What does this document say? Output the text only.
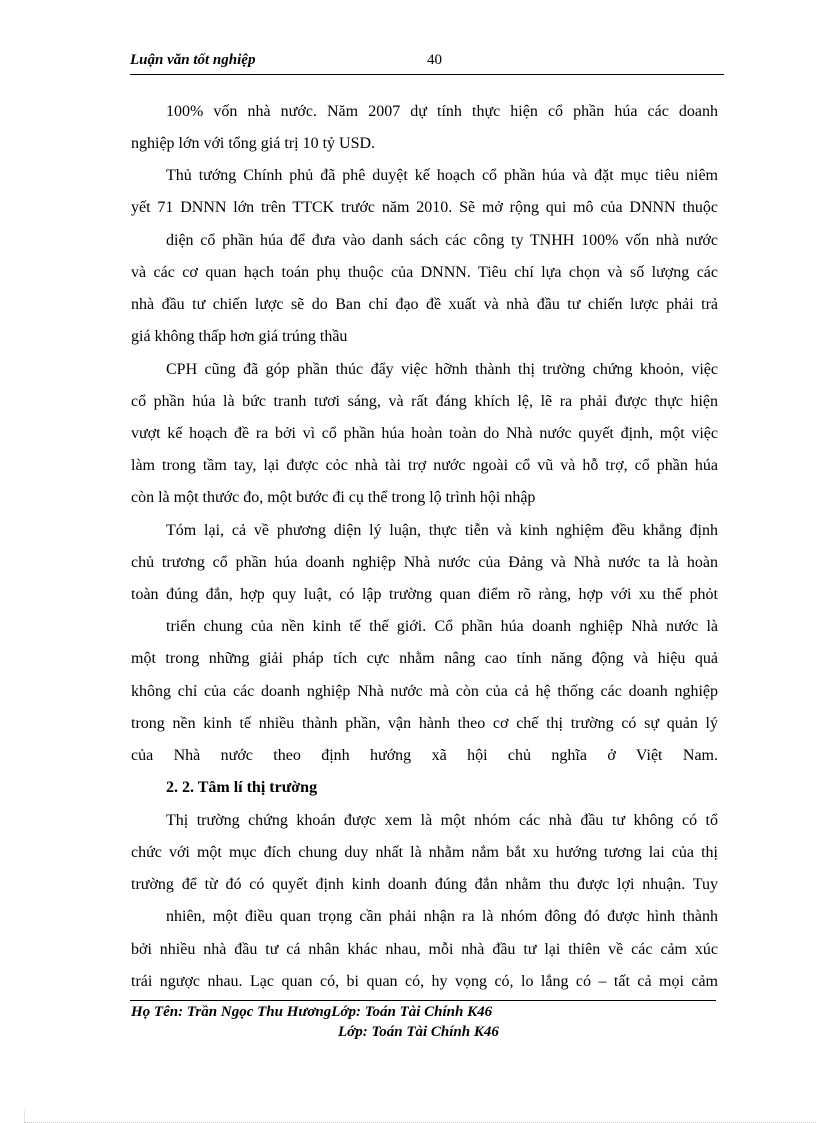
Luận văn tốt nghiệp	40
100% vốn nhà nước. Năm 2007 dự tính thực hiện cổ phần húa các doanh
nghiệp lớn với tổng giá trị 10 tỷ USD.
Thủ tướng Chính phủ đã phê duyệt kế hoạch cổ phần húa và đặt mục tiêu niêm
yết 71 DNNN lớn trên TTCK trước năm 2010. Sẽ mở rộng qui mô của DNNN thuộc
diện cổ phần húa để đưa vào danh sách các công ty TNHH 100% vốn nhà nước
và các cơ quan hạch toán phụ thuộc của DNNN. Tiêu chí lựa chọn và số lượng các
nhà đầu tư chiến lược sẽ do Ban chỉ đạo đề xuất và nhà đầu tư chiến lược phải trả
giá không thấp hơn giá trúng thầu
CPH cũng đã góp phần thúc đẩy việc hỡnh thành thị trường chứng khoỏn, việc
cổ phần húa là bức tranh tươi sáng, và rất đáng khích lệ, lẽ ra phải được thực hiện
vượt kế hoạch đề ra bởi vì cổ phần húa hoàn toàn do Nhà nước quyết định, một việc
làm trong tầm tay, lại được cỏc nhà tài trợ nước ngoài cổ vũ và hỗ trợ, cổ phần húa
còn là một thước đo, một bước đi cụ thể trong lộ trình hội nhập
Tóm lại, cả về phương diện lý luận, thực tiễn và kinh nghiệm đều khẳng định
chủ trương cổ phần húa doanh nghiệp Nhà nước của Đảng và Nhà nước ta là hoàn
toàn đúng đắn, hợp quy luật, có lập trường quan điểm rõ ràng, hợp với xu thế phỏt
triển chung của nền kinh tế thế giới. Cổ phần húa doanh nghiệp Nhà nước là
một trong những giải pháp tích cực nhằm nâng cao tính năng động và hiệu quả
không chỉ của các doanh nghiệp Nhà nước mà còn của cả hệ thống các doanh nghiệp
trong nền kinh tế nhiều thành phần, vận hành theo cơ chế thị trường có sự quản lý
của Nhà nước theo định hướng xã hội chủ nghĩa ở Việt Nam.
2. 2. Tâm lí thị trường
Thị trường chứng khoán được xem là một nhóm các nhà đầu tư không có tổ
chức với một mục đích chung duy nhất là nhằm nắm bắt xu hướng tương lai của thị
trường để từ đó có quyết định kinh doanh đúng đắn nhằm thu được lợi nhuận. Tuy
nhiên, một điều quan trọng cần phải nhận ra là nhóm đông đó được hình thành
bởi nhiều nhà đầu tư cá nhân khác nhau, mỗi nhà đầu tư lại thiên về các cảm xúc
trái ngược nhau. Lạc quan có, bi quan có, hy vọng có, lo lắng có – tất cả mọi cảm
Họ Tên: Trần Ngọc Thu HươngLớp: Toán Tài Chính K46
Lớp: Toán Tài Chính K46
